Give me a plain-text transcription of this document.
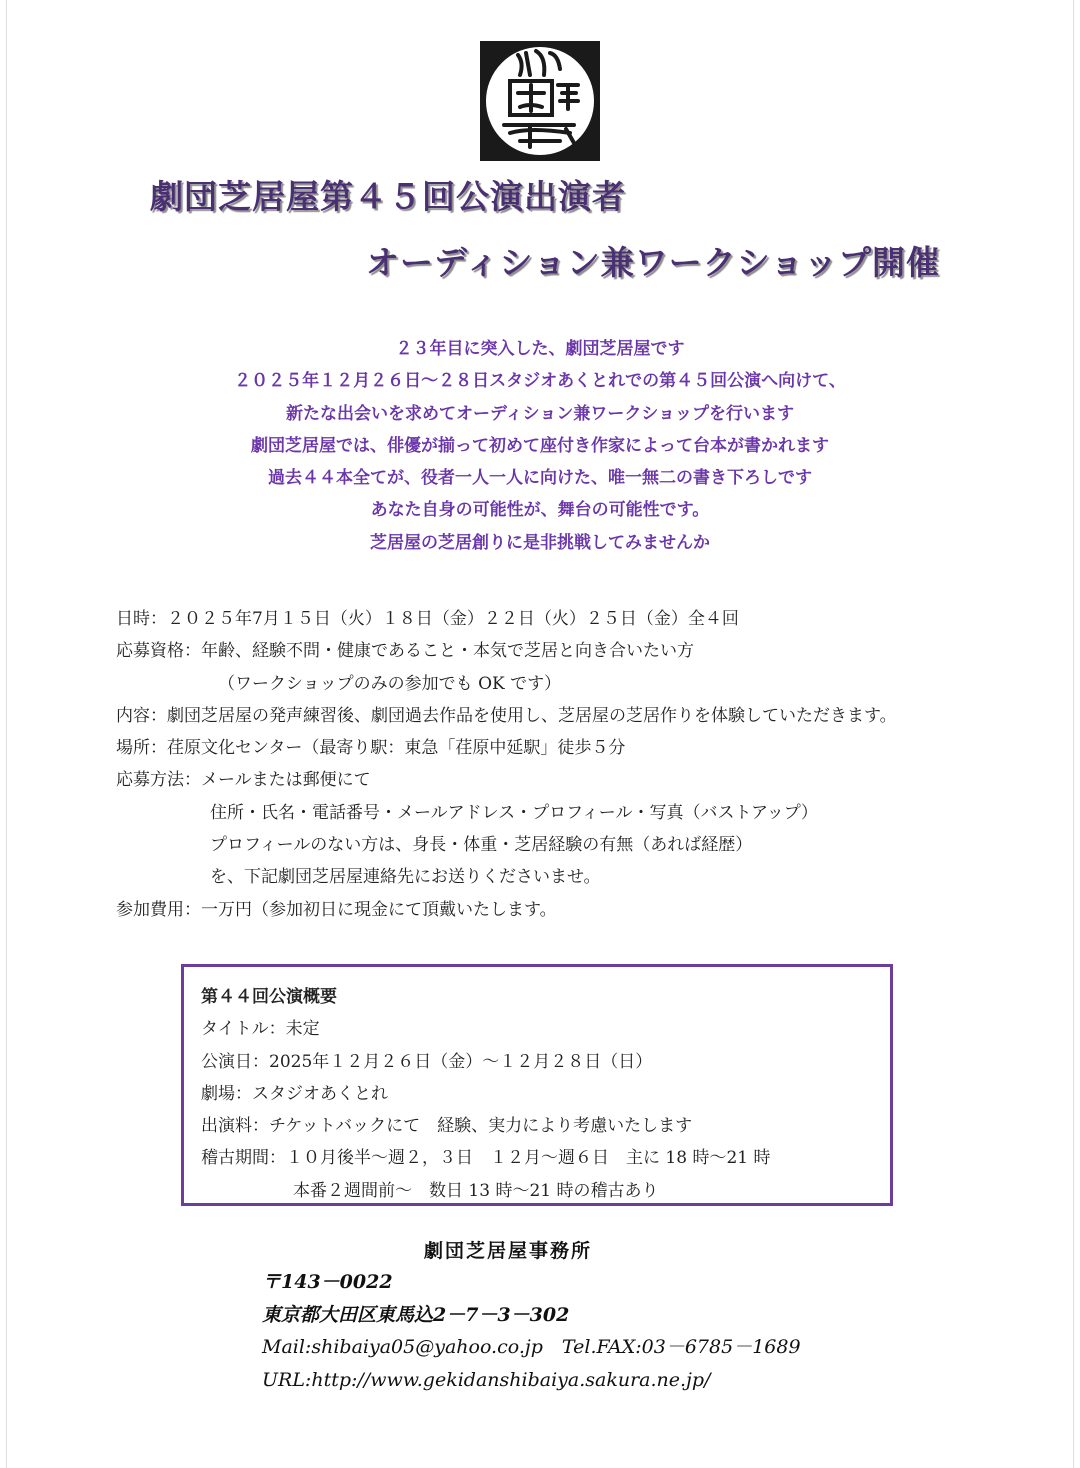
劇団芝居屋第４５回公演出演者
オーディション兼ワークショップ開催
２３年目に突入した、劇団芝居屋です
２０２５年１２月２６日～２８日スタジオあくとれでの第４５回公演へ向けて、
新たな出会いを求めてオーディション兼ワークショップを行います
劇団芝居屋では、俳優が揃って初めて座付き作家によって台本が書かれます
過去４４本全てが、役者一人一人に向けた、唯一無二の書き下ろしです
あなた自身の可能性が、舞台の可能性です。
芝居屋の芝居創りに是非挑戦してみませんか
日時：２０２５年7月１５日（火）１８日（金）２２日（火）２５日（金）全４回
応募資格：年齢、経験不問・健康であること・本気で芝居と向き合いたい方
（ワークショップのみの参加でも OK です）
内容：劇団芝居屋の発声練習後、劇団過去作品を使用し、芝居屋の芝居作りを体験していただきます。
場所：荏原文化センター（最寄り駅：東急「荏原中延駅」徒歩５分
応募方法：メールまたは郵便にて
住所・氏名・電話番号・メールアドレス・プロフィール・写真（バストアップ）
プロフィールのない方は、身長・体重・芝居経験の有無（あれば経歴）
を、下記劇団芝居屋連絡先にお送りくださいませ。
参加費用：一万円（参加初日に現金にて頂戴いたします。
第４４回公演概要
タイトル：未定
公演日：2025年１２月２６日（金）～１２月２８日（日）
劇場：スタジオあくとれ
出演料：チケットバックにて　経験、実力により考慮いたします
稽古期間：１０月後半～週２，３日　１２月～週６日　主に 18 時～21 時
本番２週間前～　数日 13 時～21 時の稽古あり
劇団芝居屋事務所
〒143－0022
東京都大田区東馬込2－7－3－302
Mail:shibaiya05@yahoo.co.jp　Tel.FAX:03－6785－1689
URL:http://www.gekidanshibaiya.sakura.ne.jp/
